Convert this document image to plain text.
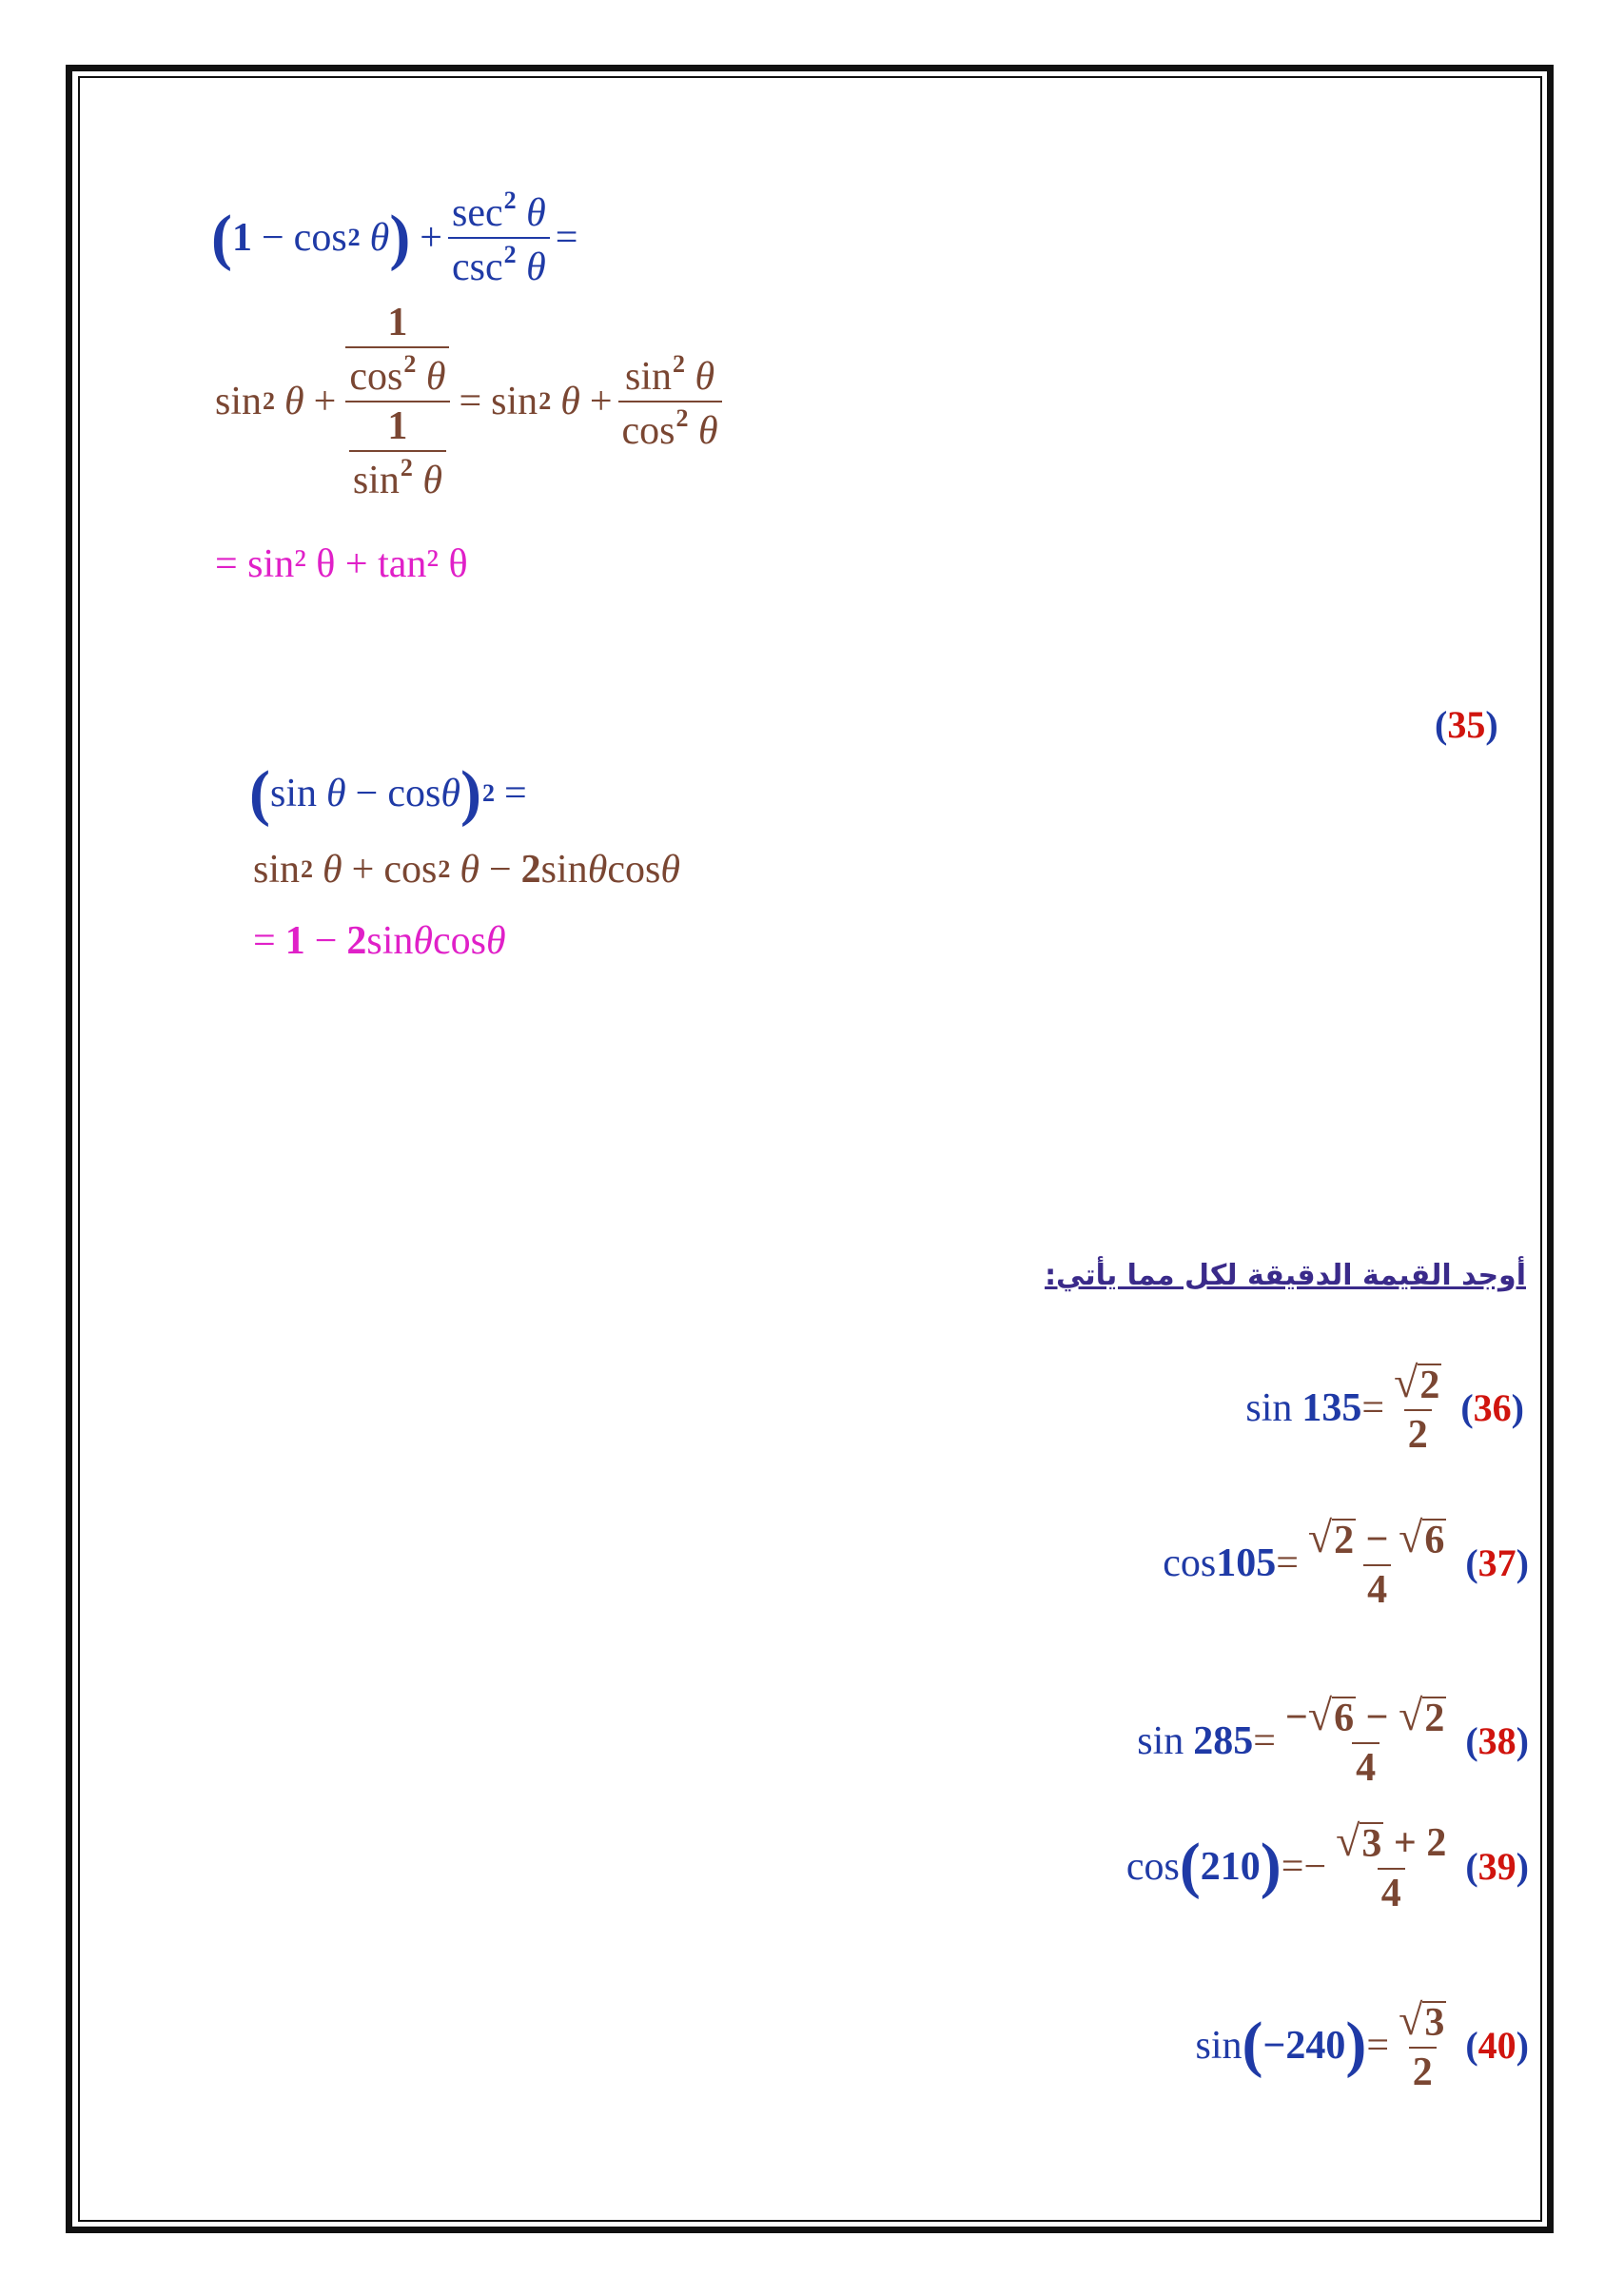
( 1 − cos 2 θ ) + $\frac{\sec^2 \theta}{\csc^2 \theta}$ =
sin 2 $\theta + \frac{\frac{1}{\cos^2 \theta}}{\frac{1}{\sin^2 \theta}} = \sin 2$ $\theta + \frac{\sin^2 \theta}{\cos^2 \theta}$
= sin² θ + tan² θ
(35)
( sin θ − cos θ ) 2 =
sin 2 θ + cos 2 θ − 2 sin θ cos θ
= 1 − 2 sin θ cos θ
أوجد القيمة الدقيقة لكل مما يأتي:
$\sin 135 = \frac{√ 2}{2} (36)$
$\cos 105 = \frac{√ 2 - √ 6}{4} (37)$
$\sin 285 = \frac{- √ 6 - √ 2}{4} (38)$
cos ( 210 ) = − $\frac{√ 3 + 2}{4} (39)$
sin ( −240 ) = $\frac{√ 3}{2} (40)$
